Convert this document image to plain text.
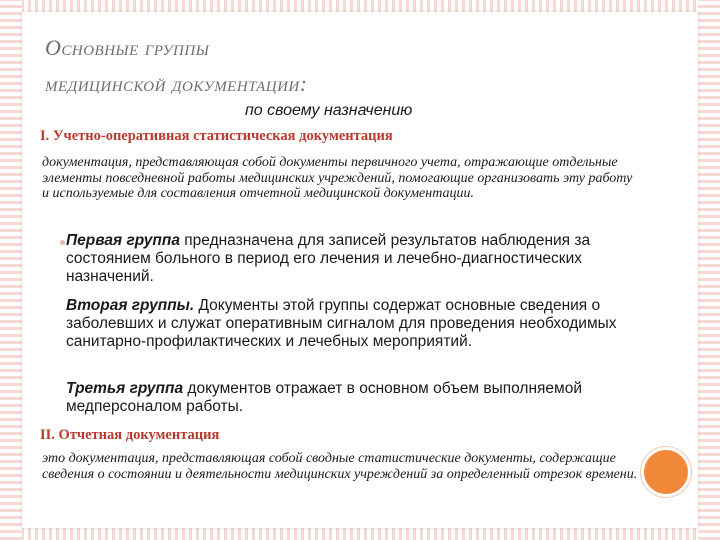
Основные группы
медицинской документации:
по своему назначению
I. Учетно-оперативная статистическая документация
документация, представляющая собой документы первичного учета, отражающие отдельные элементы повседневной работы медицинских учреждений, помогающие организовать эту работу и используемые для составления отчетной медицинской документации.
Первая группа предназначена для записей результатов наблюдения за состоянием больного в период его лечения и лечебно-диагностических назначений.
Вторая группы. Документы этой группы содержат основные сведения о заболевших и служат оперативным сигналом для проведения необходимых санитарно-профилактических и лечебных мероприятий.
Третья группа документов отражает в основном объем выполняемой медперсоналом работы.
II. Отчетная документация
это документация, представляющая собой сводные статистические документы, содержащие сведения о состоянии и деятельности медицинских учреждений за определенный отрезок времени.
